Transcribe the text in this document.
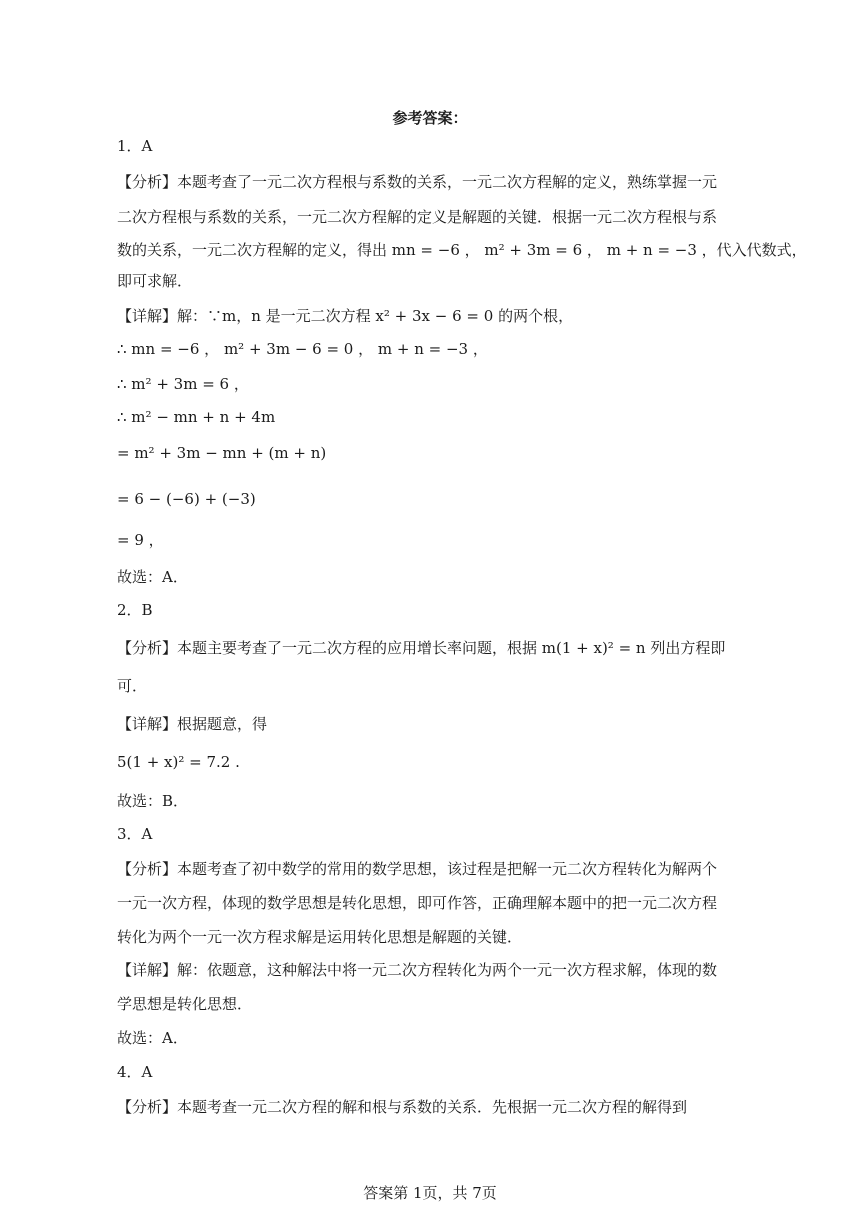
参考答案：
1．A
【分析】本题考查了一元二次方程根与系数的关系，一元二次方程解的定义，熟练掌握一元
二次方程根与系数的关系，一元二次方程解的定义是解题的关键．根据一元二次方程根与系
数的关系，一元二次方程解的定义，得出 mn = −6 ， m² + 3m = 6 ， m + n = −3 ，代入代数式，
即可求解．
【详解】解：∵m，n 是一元二次方程 x² + 3x − 6 = 0 的两个根，
∴ mn = −6 ， m² + 3m − 6 = 0 ， m + n = −3 ，
∴ m² + 3m = 6 ，
∴ m² − mn + n + 4m
= m² + 3m − mn + (m + n)
= 6 − (−6) + (−3)
= 9 ，
故选：A．
2．B
【分析】本题主要考查了一元二次方程的应用增长率问题，根据 m(1 + x)² = n 列出方程即
可．
【详解】根据题意，得
5(1 + x)² = 7.2 .
故选：B．
3．A
【分析】本题考查了初中数学的常用的数学思想，该过程是把解一元二次方程转化为解两个
一元一次方程，体现的数学思想是转化思想，即可作答，正确理解本题中的把一元二次方程
转化为两个一元一次方程求解是运用转化思想是解题的关键．
【详解】解：依题意，这种解法中将一元二次方程转化为两个一元一次方程求解，体现的数
学思想是转化思想．
故选：A．
4．A
【分析】本题考查一元二次方程的解和根与系数的关系．先根据一元二次方程的解得到
答案第 1页，共 7页
